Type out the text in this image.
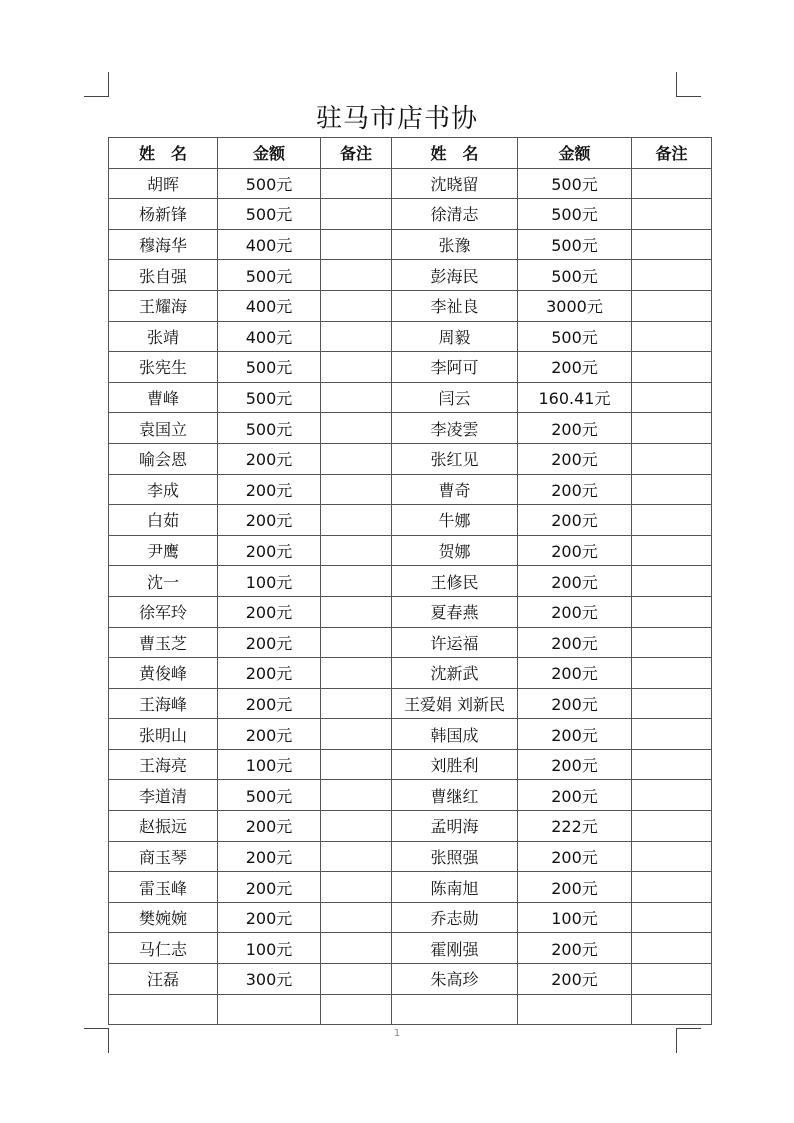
驻马市店书协
姓　名	金额	备注	姓　名	金额	备注
胡晖	500元		沈晓留	500元	
杨新锋	500元		徐清志	500元	
穆海华	400元		张豫	500元	
张自强	500元		彭海民	500元	
王耀海	400元		李祉良	3000元	
张靖	400元		周毅	500元	
张宪生	500元		李阿可	200元	
曹峰	500元		闫云	160.41元	
袁国立	500元		李凌雲	200元	
喻会恩	200元		张红见	200元	
李成	200元		曹奇	200元	
白茹	200元		牛娜	200元	
尹鹰	200元		贺娜	200元	
沈一	100元		王修民	200元	
徐军玲	200元		夏春燕	200元	
曹玉芝	200元		许运福	200元	
黄俊峰	200元		沈新武	200元	
王海峰	200元		王爱娟 刘新民	200元	
张明山	200元		韩国成	200元	
王海亮	100元		刘胜利	200元	
李道清	500元		曹继红	200元	
赵振远	200元		孟明海	222元	
商玉琴	200元		张照强	200元	
雷玉峰	200元		陈南旭	200元	
樊婉婉	200元		乔志勋	100元	
马仁志	100元		霍刚强	200元	
汪磊	300元		朱高珍	200元	

1
